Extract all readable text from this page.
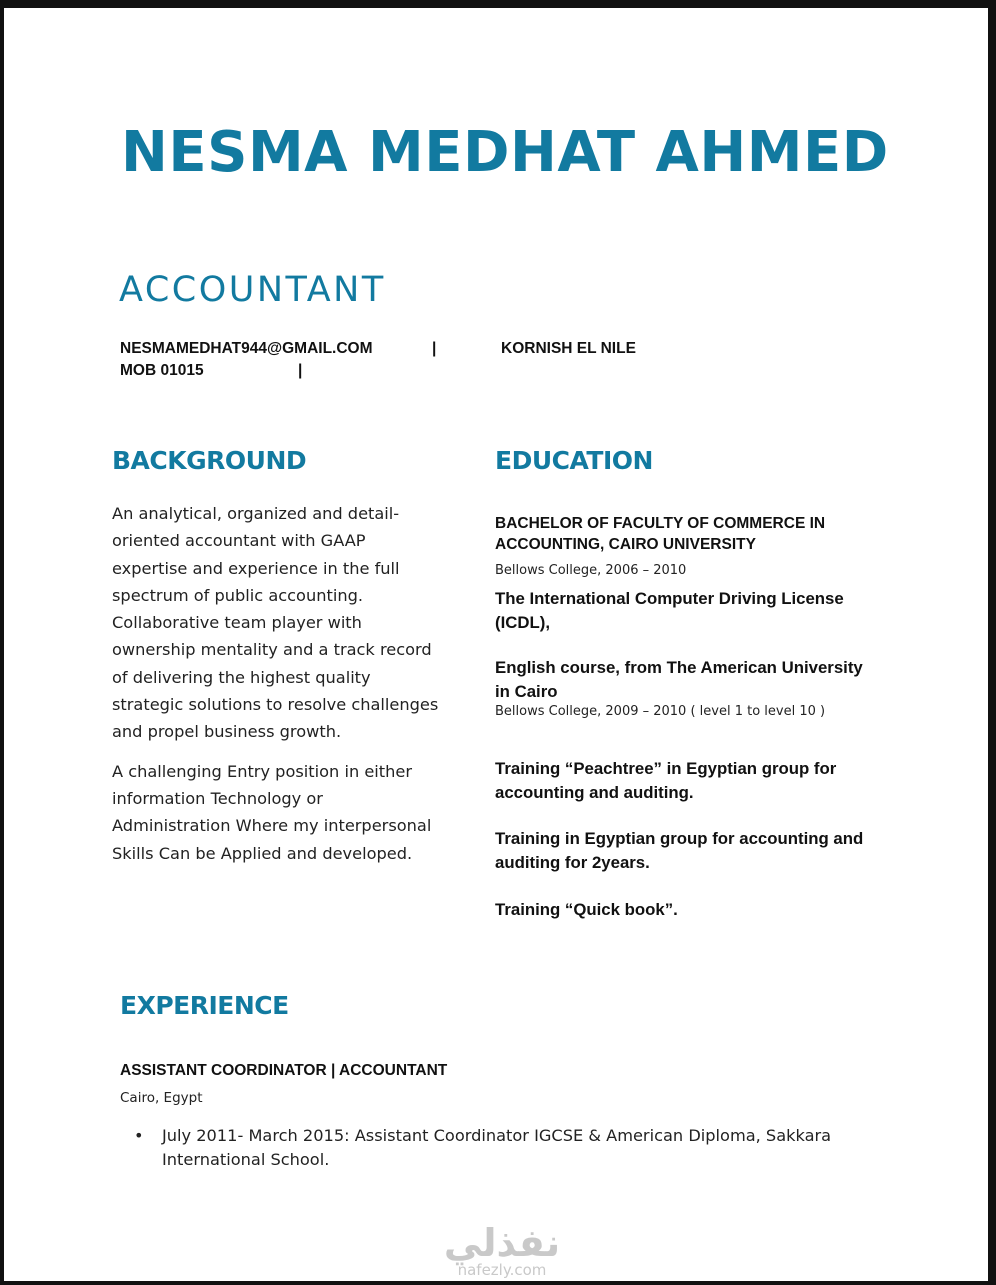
NESMA MEDHAT AHMED
ACCOUNTANT
NESMAMEDHAT944@GMAIL.COM	|	KORNISH EL NILE
MOB 01015	|
BACKGROUND

An analytical, organized and detail-oriented accountant with GAAP expertise and experience in the full spectrum of public accounting. Collaborative team player with ownership mentality and a track record of delivering the highest quality strategic solutions to resolve challenges and propel business growth.

A challenging Entry position in either information Technology or Administration Where my interpersonal Skills Can be Applied and developed.

EDUCATION

BACHELOR OF FACULTY OF COMMERCE IN ACCOUNTING, CAIRO UNIVERSITY

Bellows College, 2006 – 2010

The International Computer Driving License (ICDL),

English course, from The American University in Cairo

Bellows College, 2009 – 2010 ( level 1 to level 10 )

Training “Peachtree” in Egyptian group for accounting and auditing.

Training in Egyptian group for accounting and auditing for 2years.

Training “Quick book”.

EXPERIENCE

ASSISTANT COORDINATOR | ACCOUNTANT

Cairo, Egypt

• July 2011- March 2015: Assistant Coordinator IGCSE & American Diploma, Sakkara International School.
نفذلي
nafezly.com
